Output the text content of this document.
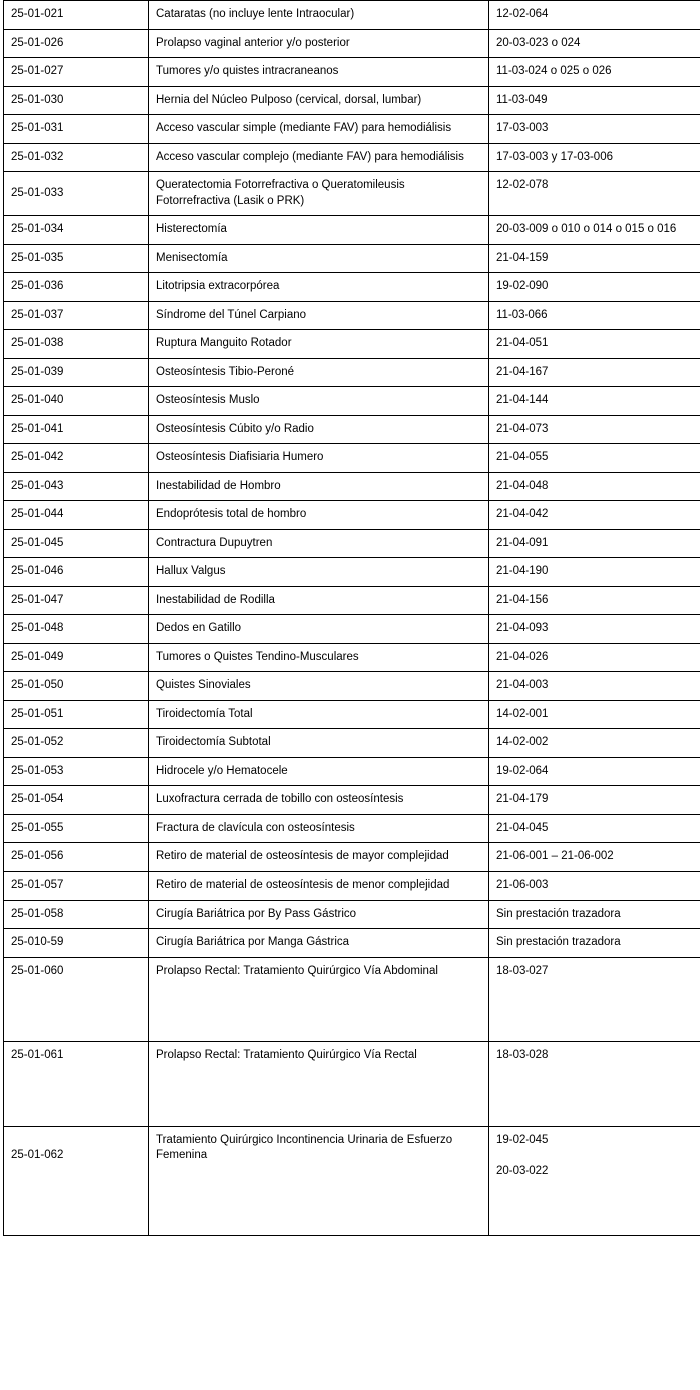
25-01-021	Cataratas (no incluye lente Intraocular)	12-02-064
25-01-026	Prolapso vaginal anterior y/o posterior	20-03-023 o 024
25-01-027	Tumores y/o quistes intracraneanos	11-03-024 o 025 o 026
25-01-030	Hernia del Núcleo Pulposo (cervical, dorsal, lumbar)	11-03-049
25-01-031	Acceso vascular simple (mediante FAV) para hemodiálisis	17-03-003
25-01-032	Acceso vascular complejo (mediante FAV) para hemodiálisis	17-03-003 y 17-03-006
25-01-033	Queratectomia Fotorrefractiva o Queratomileusis Fotorrefractiva (Lasik o PRK)	12-02-078
25-01-034	Histerectomía	20-03-009 o 010 o 014 o 015 o 016
25-01-035	Menisectomía	21-04-159
25-01-036	Litotripsia extracorpórea	19-02-090
25-01-037	Síndrome del Túnel Carpiano	11-03-066
25-01-038	Ruptura Manguito Rotador	21-04-051
25-01-039	Osteosíntesis Tibio-Peroné	21-04-167
25-01-040	Osteosíntesis Muslo	21-04-144
25-01-041	Osteosíntesis Cúbito y/o Radio	21-04-073
25-01-042	Osteosíntesis Diafisiaria Humero	21-04-055
25-01-043	Inestabilidad de Hombro	21-04-048
25-01-044	Endoprótesis total de hombro	21-04-042
25-01-045	Contractura Dupuytren	21-04-091
25-01-046	Hallux Valgus	21-04-190
25-01-047	Inestabilidad de Rodilla	21-04-156
25-01-048	Dedos en Gatillo	21-04-093
25-01-049	Tumores o Quistes Tendino-Musculares	21-04-026
25-01-050	Quistes Sinoviales	21-04-003
25-01-051	Tiroidectomía Total	14-02-001
25-01-052	Tiroidectomía Subtotal	14-02-002
25-01-053	Hidrocele y/o Hematocele	19-02-064
25-01-054	Luxofractura cerrada de tobillo con osteosíntesis	21-04-179
25-01-055	Fractura de clavícula con osteosíntesis	21-04-045
25-01-056	Retiro de material de osteosíntesis de mayor complejidad	21-06-001 – 21-06-002
25-01-057	Retiro de material de osteosíntesis de menor complejidad	21-06-003
25-01-058	Cirugía Bariátrica por By Pass Gástrico	Sin prestación trazadora
25-010-59	Cirugía Bariátrica por Manga Gástrica	Sin prestación trazadora
25-01-060	Prolapso Rectal: Tratamiento Quirúrgico Vía Abdominal	18-03-027
25-01-061	Prolapso Rectal: Tratamiento Quirúrgico Vía Rectal	18-03-028
25-01-062	Tratamiento Quirúrgico Incontinencia Urinaria de Esfuerzo Femenina	19-02-045
20-03-022
